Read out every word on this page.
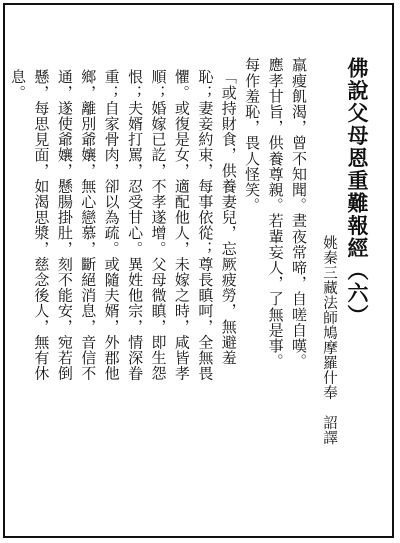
佛說父母恩重難報經（六）

姚秦三藏法師鳩摩羅什奉　詔譯

羸瘦飢渴，曾不知聞。晝夜常啼，自嗟自嘆。

應孝甘旨，供養尊親。若輩妄人，了無是事。

每作羞恥，畏人怪笑。

「或持財食，供養妻兒，忘厥疲勞，無避羞

恥；妻妾約束，每事依從；尊長瞋呵，全無畏

懼。或復是女，適配他人，未嫁之時，咸皆孝

順；婚嫁已訖，不孝遂增。父母微瞋，即生怨

恨；夫婿打罵，忍受甘心。異姓他宗，情深眷

重；自家骨肉，卻以為疏。或隨夫婿，外郡他

鄉，離別爺孃，無心戀慕，斷絕消息，音信不

通，遂使爺孃，懸腸掛肚，刻不能安，宛若倒

懸，每思見面，如渴思漿，慈念後人，無有休

息。
